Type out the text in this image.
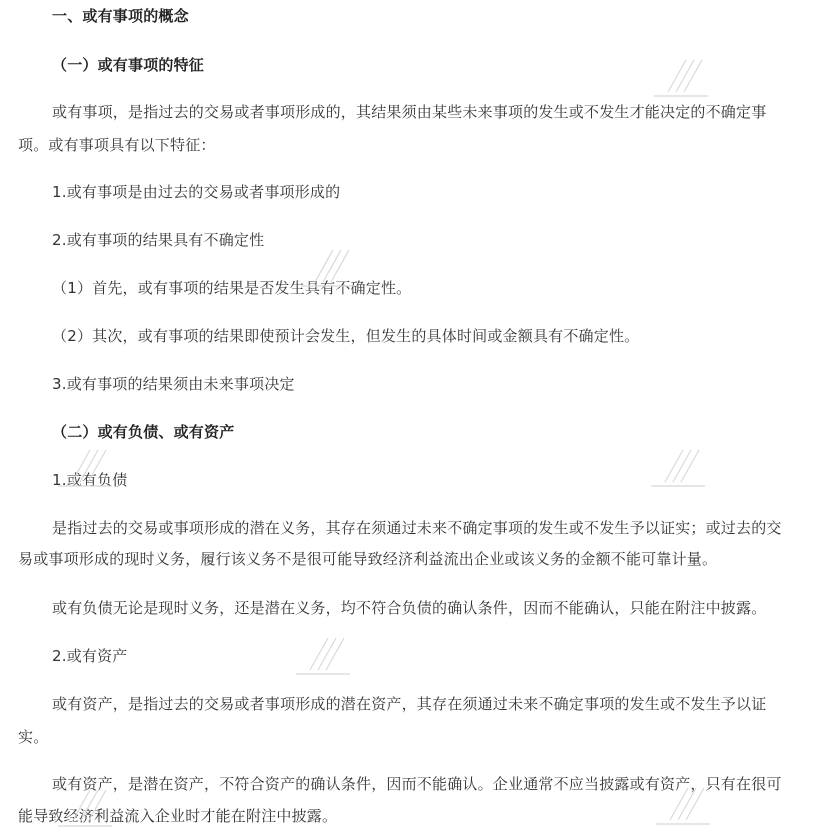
一、或有事项的概念
（一）或有事项的特征
或有事项，是指过去的交易或者事项形成的，其结果须由某些未来事项的发生或不发生才能决定的不确定事
项。或有事项具有以下特征：
1.或有事项是由过去的交易或者事项形成的
2.或有事项的结果具有不确定性
（1）首先，或有事项的结果是否发生具有不确定性。
（2）其次，或有事项的结果即使预计会发生，但发生的具体时间或金额具有不确定性。
3.或有事项的结果须由未来事项决定
（二）或有负债、或有资产
1.或有负债
是指过去的交易或事项形成的潜在义务，其存在须通过未来不确定事项的发生或不发生予以证实；或过去的交
易或事项形成的现时义务，履行该义务不是很可能导致经济利益流出企业或该义务的金额不能可靠计量。
或有负债无论是现时义务，还是潜在义务，均不符合负债的确认条件，因而不能确认，只能在附注中披露。
2.或有资产
或有资产，是指过去的交易或者事项形成的潜在资产，其存在须通过未来不确定事项的发生或不发生予以证
实。
或有资产，是潜在资产，不符合资产的确认条件，因而不能确认。企业通常不应当披露或有资产，只有在很可
能导致经济利益流入企业时才能在附注中披露。
